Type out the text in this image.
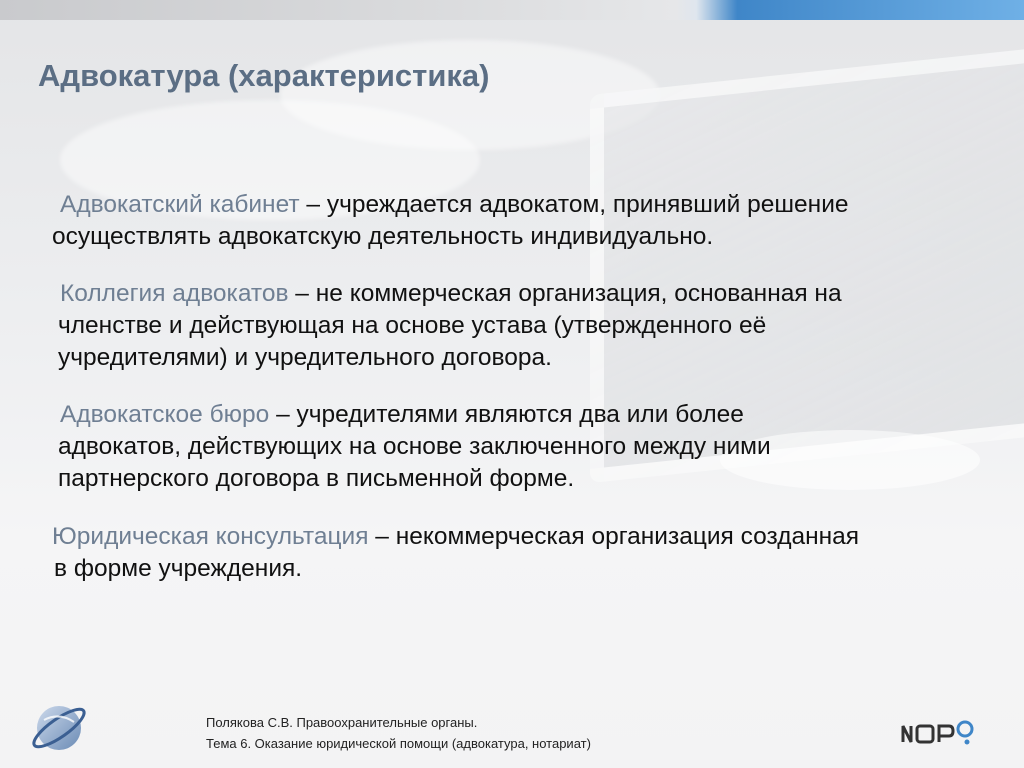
Адвокатура (характеристика)

Адвокатский кабинет – учреждается адвокатом, принявший решение
осуществлять адвокатскую деятельность индивидуально.

Коллегия адвокатов – не коммерческая организация, основанная на
членстве и действующая на основе устава (утвержденного её
учредителями) и учредительного договора.

Адвокатское бюро – учредителями являются два или более
адвокатов, действующих на основе заключенного между ними
партнерского договора в письменной форме.

Юридическая консультация – некоммерческая организация созданная
в форме учреждения.

Полякова С.В. Правоохранительные органы.
Тема 6. Оказание юридической помощи (адвокатура, нотариат)
